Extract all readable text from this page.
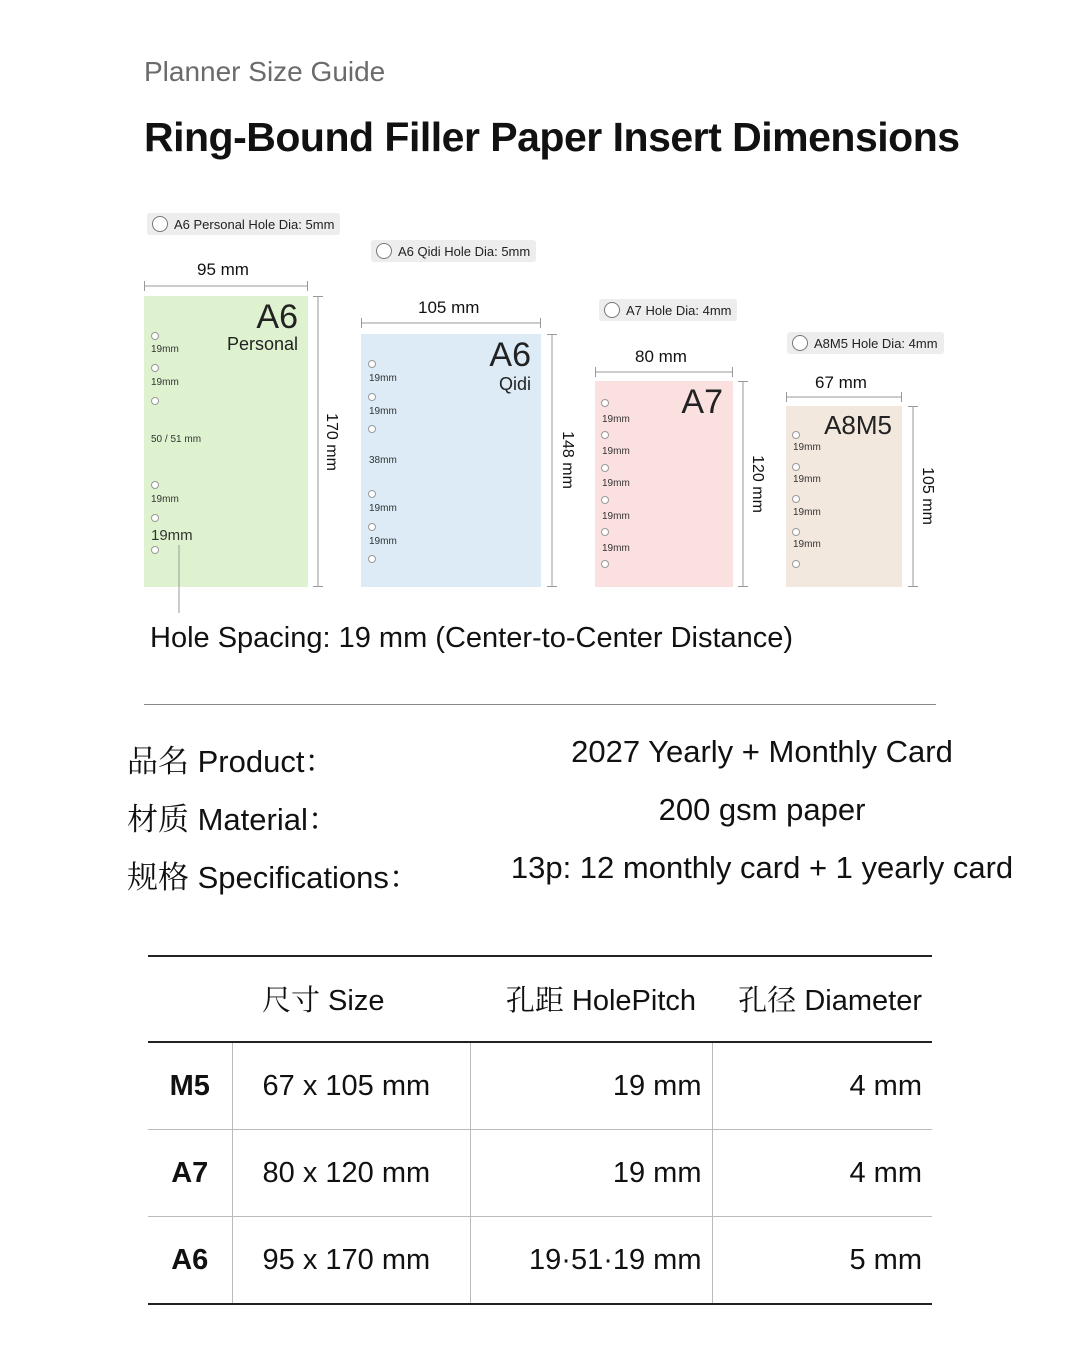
Planner Size Guide
Ring-Bound Filler Paper Insert Dimensions
A6 Personal Hole Dia: 5mm
95 mm
A6
Personal
19mm
19mm
50 / 51 mm
19mm
19mm
170 mm
A6 Qidi Hole Dia: 5mm
105 mm
A6
Qidi
19mm
19mm
38mm
19mm
19mm
148 mm
A7 Hole Dia: 4mm
80 mm
A7
19mm
19mm
19mm
19mm
19mm
120 mm
A8M5 Hole Dia: 4mm
67 mm
A8M5
19mm
19mm
19mm
19mm
105 mm
Hole Spacing: 19 mm (Center-to-Center Distance)
品名 Product：	2027 Yearly + Monthly Card
材质 Material：	200 gsm paper
规格 Specifications：	13p: 12 monthly card + 1 yearly card
	尺寸 Size	孔距 HolePitch	孔径 Diameter
M5	67 x 105 mm	19 mm	4 mm
A7	80 x 120 mm	19 mm	4 mm
A6	95 x 170 mm	19·51·19 mm	5 mm
